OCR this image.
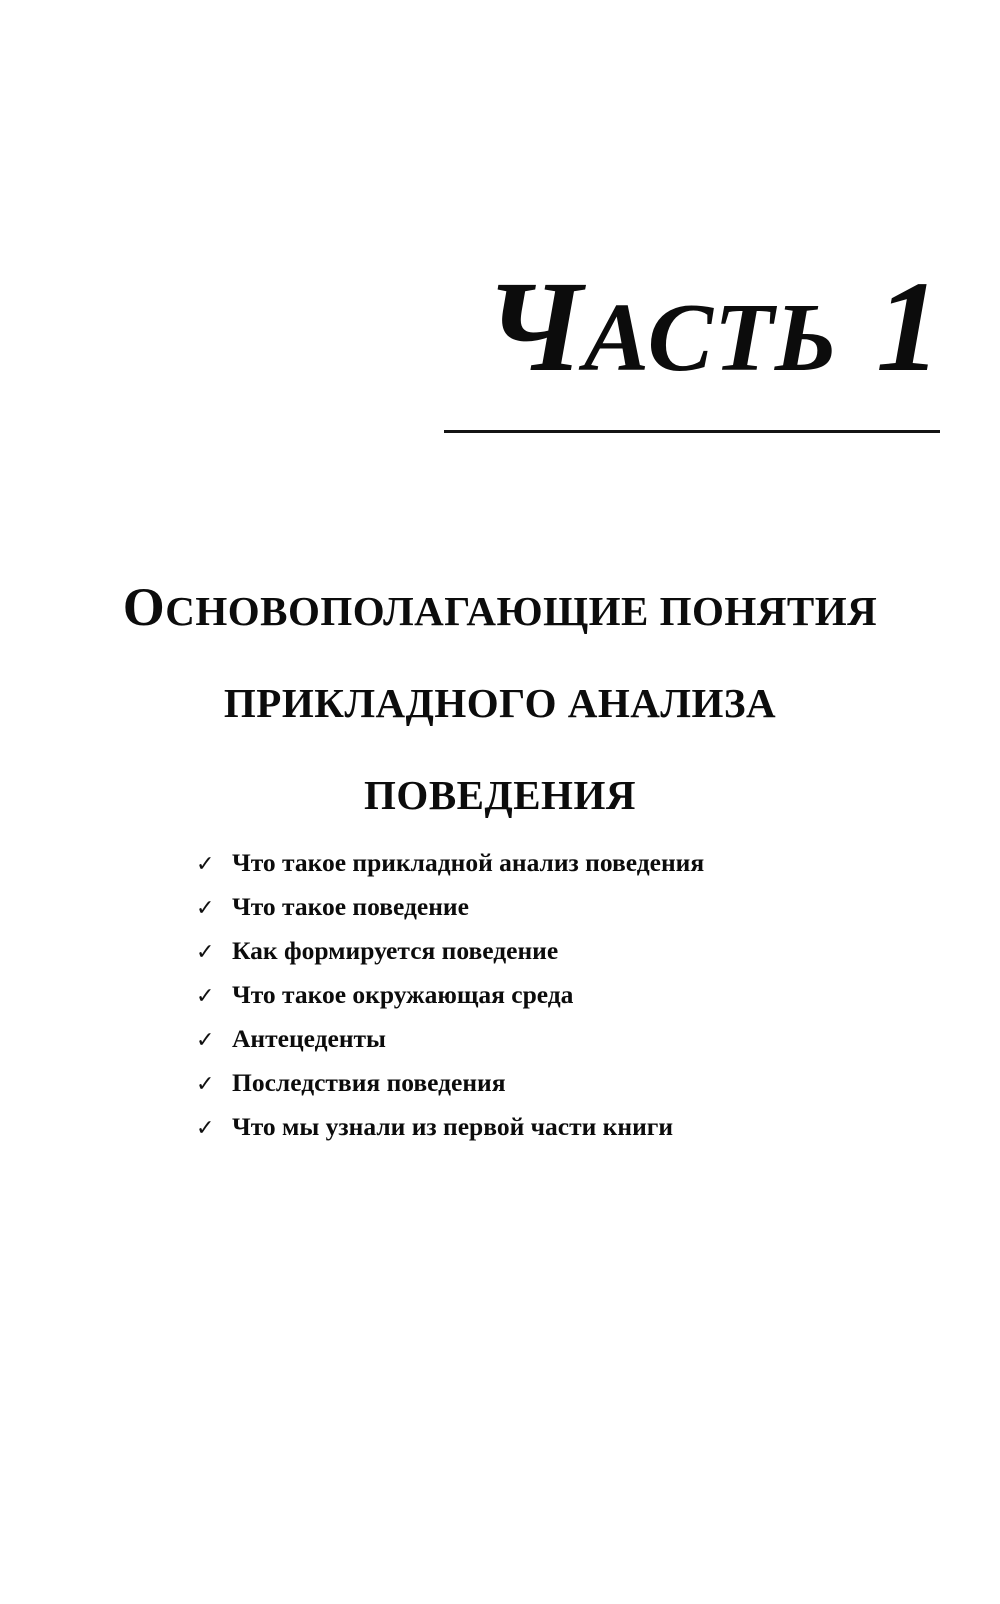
ЧАСТЬ 1
ОСНОВОПОЛАГАЮЩИЕ ПОНЯТИЯ
ПРИКЛАДНОГО АНАЛИЗА
ПОВЕДЕНИЯ
✓ Что такое прикладной анализ поведения
✓ Что такое поведение
✓ Как формируется поведение
✓ Что такое окружающая среда
✓ Антецеденты
✓ Последствия поведения
✓ Что мы узнали из первой части книги
